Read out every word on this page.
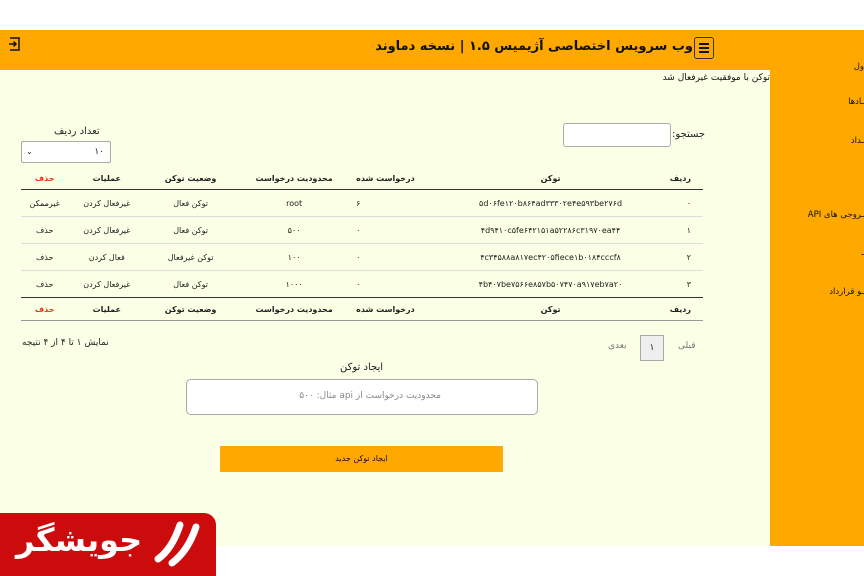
وب سرویس اختصاصی آژیمیس ۱.۵ | نسخه دماوند
ول
ـادها
ـداد
ـروجی های API
ـ
ـو قرارداد
توکن با موفقیت غیرفعال شد
تعداد ردیف
۱۰
⌄
جستجو:
ردیف	توکن	درخواست شده	محدودیت درخواست	وضعیت توکن	عملیات	حذف
۰	۵d۰۶fe۱۲۰b۸۶۴ad۳۳۳۰۲e۴e۵۹۳be۲۷۶d	۶	root	توکن فعال	غیرفعال کردن	غیرممکن
۱	۴d۹۴۱۰c۵fe۶۴۲۱۵۱a۵۲۲۸۶c۳۱۹۷۰ea۴۴	۰	۵۰۰	توکن فعال	غیرفعال کردن	حذف
۲	۴c۳۴۵۸۸a۸۱۷ec۴۲۰۵fiece۱b۰۱۸۴cccf۸	۰	۱۰۰	توکن غیرفعال	فعال کردن	حذف
۳	۴b۴۰۷be۷۵۶۶e۸۵۷b۵۰۷۴۷۰a۹۱۷eb۷a۲۰	۰	۱۰۰۰	توکن فعال	غیرفعال کردن	حذف
ردیف	توکن	درخواست شده	محدودیت درخواست	وضعیت توکن	عملیات	حذف
نمایش ۱ تا ۴ از ۴ نتیجه	بعدی	۱	قبلی
ایجاد توکن
محدودیت درخواست از api مثال: ۵۰۰
ایجاد توکن جدید
جویشگر
